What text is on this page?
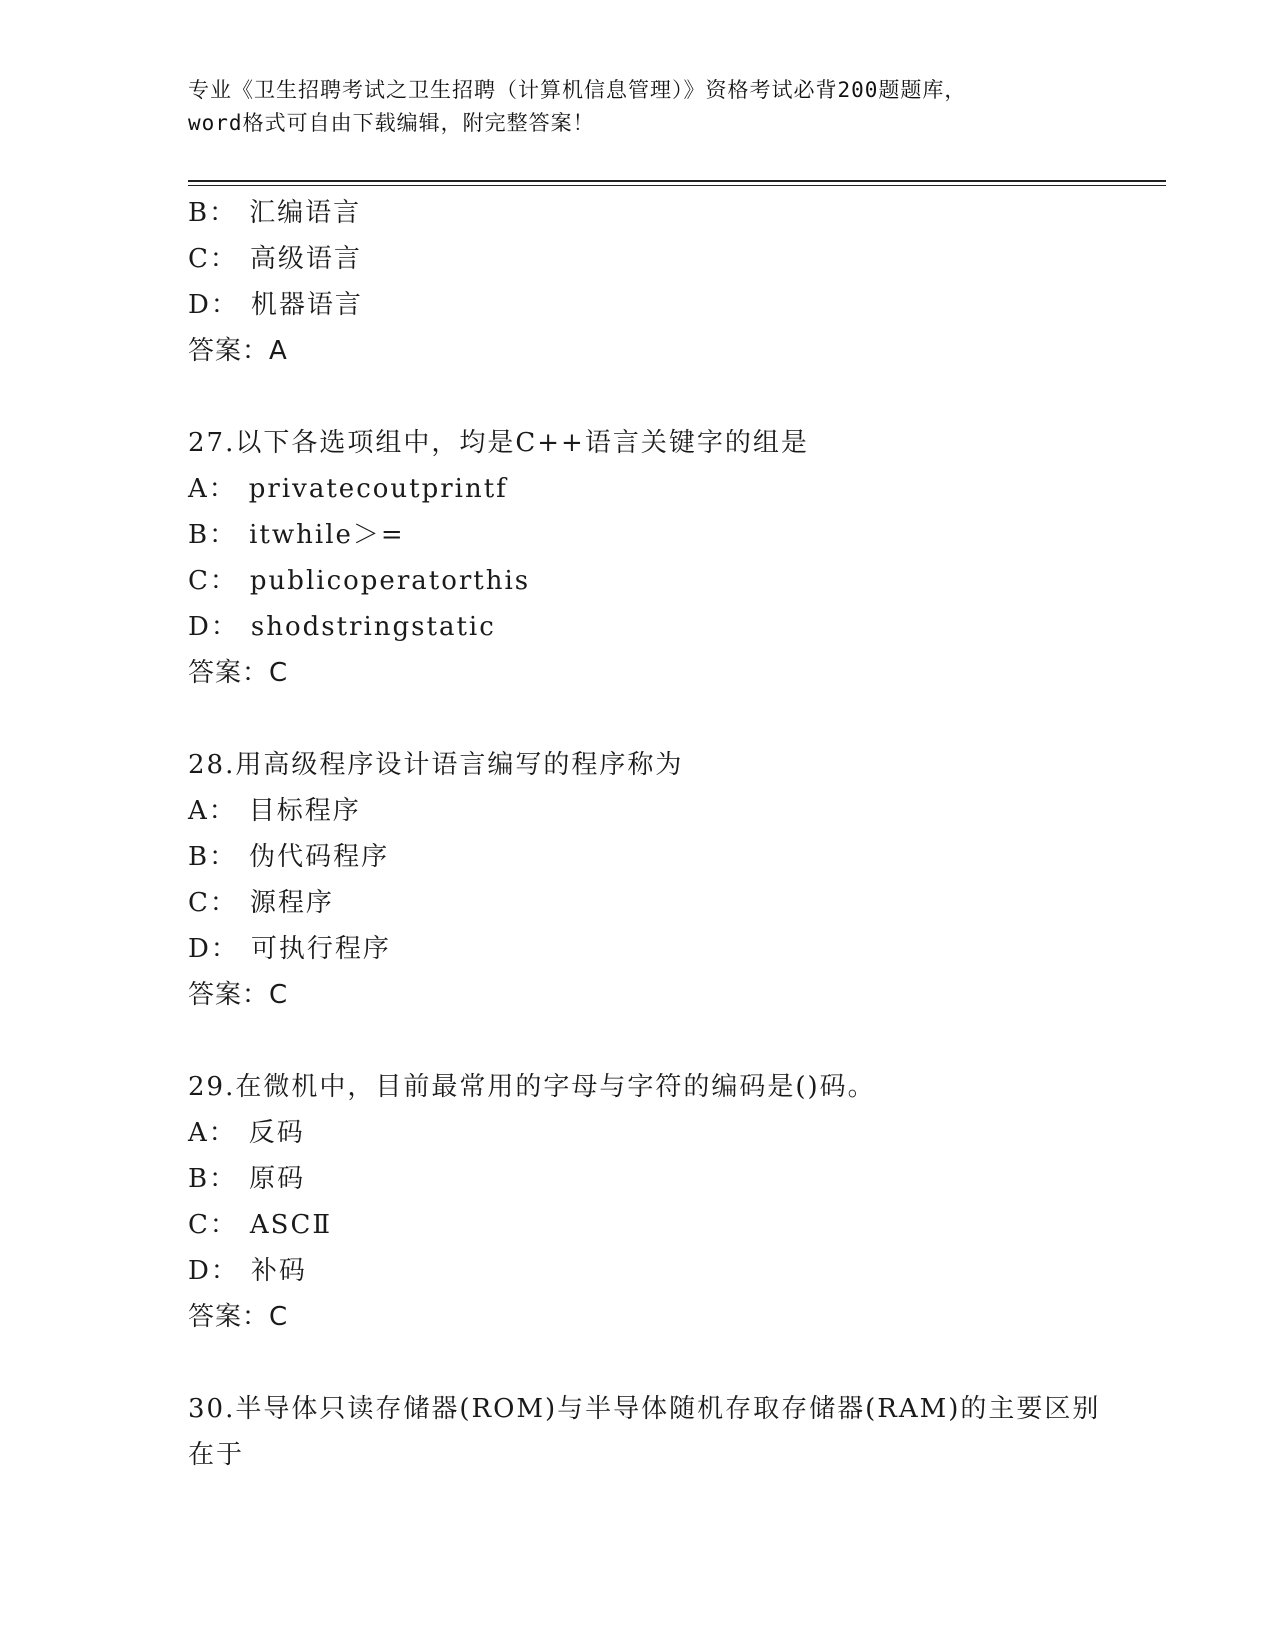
专业《卫生招聘考试之卫生招聘（计算机信息管理）》资格考试必背200题题库，
word格式可自由下载编辑，附完整答案！
B： 汇编语言
C： 高级语言
D： 机器语言
答案：A
27.以下各选项组中，均是C++语言关键字的组是
A： privatecoutprintf
B： itwhile＞=
C： publicoperatorthis
D： shodstringstatic
答案：C
28.用高级程序设计语言编写的程序称为
A： 目标程序
B： 伪代码程序
C： 源程序
D： 可执行程序
答案：C
29.在微机中，目前最常用的字母与字符的编码是()码。
A： 反码
B： 原码
C： ASCⅡ
D： 补码
答案：C
30.半导体只读存储器(ROM)与半导体随机存取存储器(RAM)的主要区别
在于
